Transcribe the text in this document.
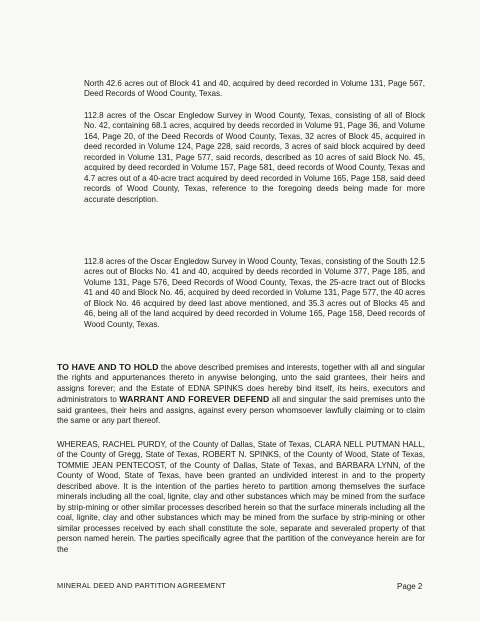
North 42.6 acres out of Block 41 and 40, acquired by deed recorded in Volume 131, Page 567, Deed Records of Wood County, Texas.

112.8 acres of the Oscar Engledow Survey in Wood County, Texas, consisting of all of Block No. 42, containing 68.1 acres, acquired by deeds recorded in Volume 91, Page 36, and Volume 164, Page 20, of the Deed Records of Wood County, Texas, 32 acres of Block 45, acquired in deed recorded in Volume 124, Page 228, said records, 3 acres of said block acquired by deed recorded in Volume 131, Page 577, said records, described as 10 acres of said Block No. 45, acquired by deed recorded in Volume 157, Page 581, deed records of Wood County, Texas and 4.7 acres out of a 40-acre tract acquired by deed recorded in Volume 165, Page 158, said deed records of Wood County, Texas, reference to the foregoing deeds being made for more accurate description.

112.8 acres of the Oscar Engledow Survey in Wood County, Texas, consisting of the South 12.5 acres out of Blocks No. 41 and 40, acquired by deeds recorded in Volume 377, Page 185, and Volume 131, Page 576, Deed Records of Wood County, Texas, the 25-acre tract out of Blocks 41 and 40 and Block No. 46, acquired by deed recorded in Volume 131, Page 577, the 40 acres of Block No. 46 acquired by deed last above mentioned, and 35.3 acres out of Blocks 45 and 46, being all of the land acquired by deed recorded in Volume 165, Page 158, Deed records of Wood County, Texas.

TO HAVE AND TO HOLD the above described premises and interests, together with all and singular the rights and appurtenances thereto in anywise belonging, unto the said grantees, their heirs and assigns forever; and the Estate of EDNA SPINKS does hereby bind itself, its heirs, executors and administrators to WARRANT AND FOREVER DEFEND all and singular the said premises unto the said grantees, their heirs and assigns, against every person whomsoever lawfully claiming or to claim the same or any part thereof.

WHEREAS, RACHEL PURDY, of the County of Dallas, State of Texas, CLARA NELL PUTMAN HALL, of the County of Gregg, State of Texas, ROBERT N. SPINKS, of the County of Wood, State of Texas, TOMMIE JEAN PENTECOST, of the County of Dallas, State of Texas, and BARBARA LYNN, of the County of Wood, State of Texas, have been granted an undivided interest in and to the property described above. It is the intention of the parties hereto to partition among themselves the surface minerals including all the coal, lignite, clay and other substances which may be mined from the surface by strip-mining or other similar processes described herein so that the surface minerals including all the coal, lignite, clay and other substances which may be mined from the surface by strip-mining or other similar processes received by each shall constitute the sole, separate and severaled property of that person named herein. The parties specifically agree that the partition of the conveyance herein are for the

MINERAL DEED AND PARTITION AGREEMENT	Page 2
